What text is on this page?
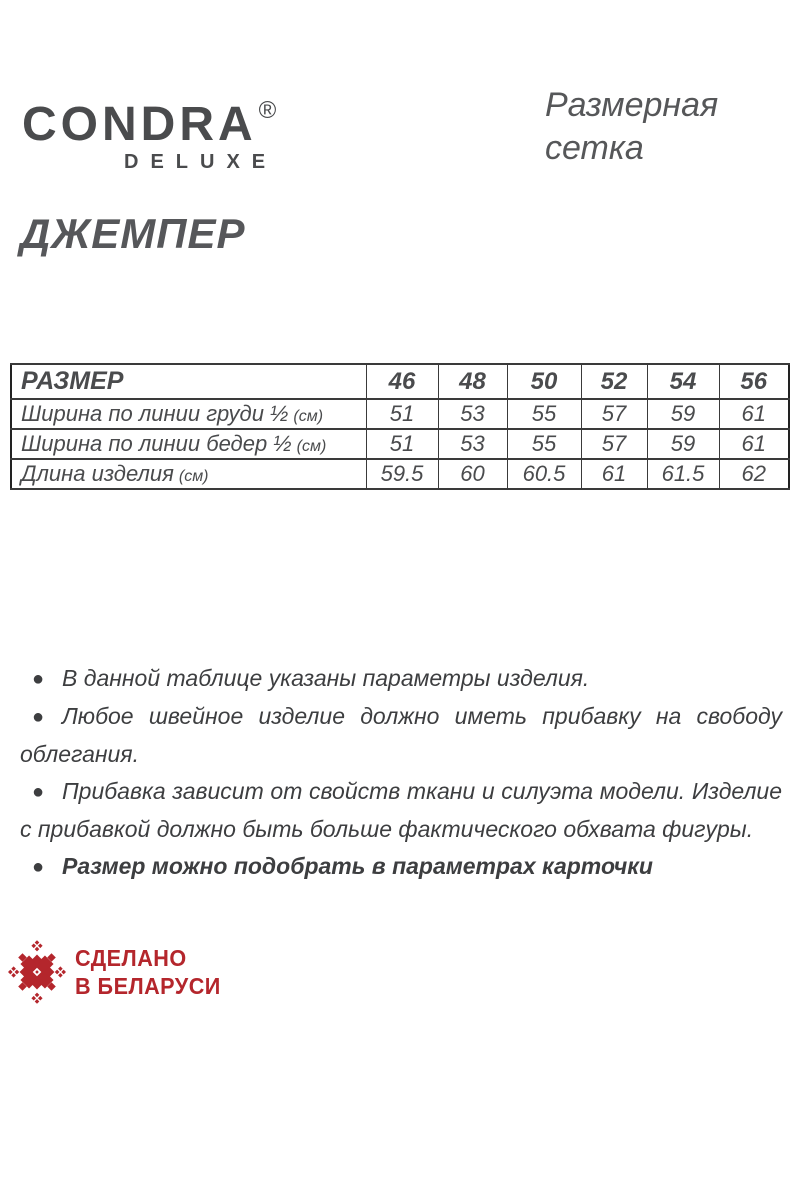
CONDRA®
DELUXE
Размерная
сетка
ДЖЕМПЕР
РАЗМЕР	46	48	50	52	54	56
Ширина по линии груди ½ (см)	51	53	55	57	59	61
Ширина по линии бедер ½ (см)	51	53	55	57	59	61
Длина изделия (см)	59.5	60	60.5	61	61.5	62

● В данной таблице указаны параметры изделия.

● Любое швейное изделие должно иметь прибавку на свободу облегания.

● Прибавка зависит от свойств ткани и силуэта модели. Изделие с прибавкой должно быть больше фактического обхвата фигуры.

● Размер можно подобрать в параметрах карточки

СДЕЛАНО
В БЕЛАРУСИ
